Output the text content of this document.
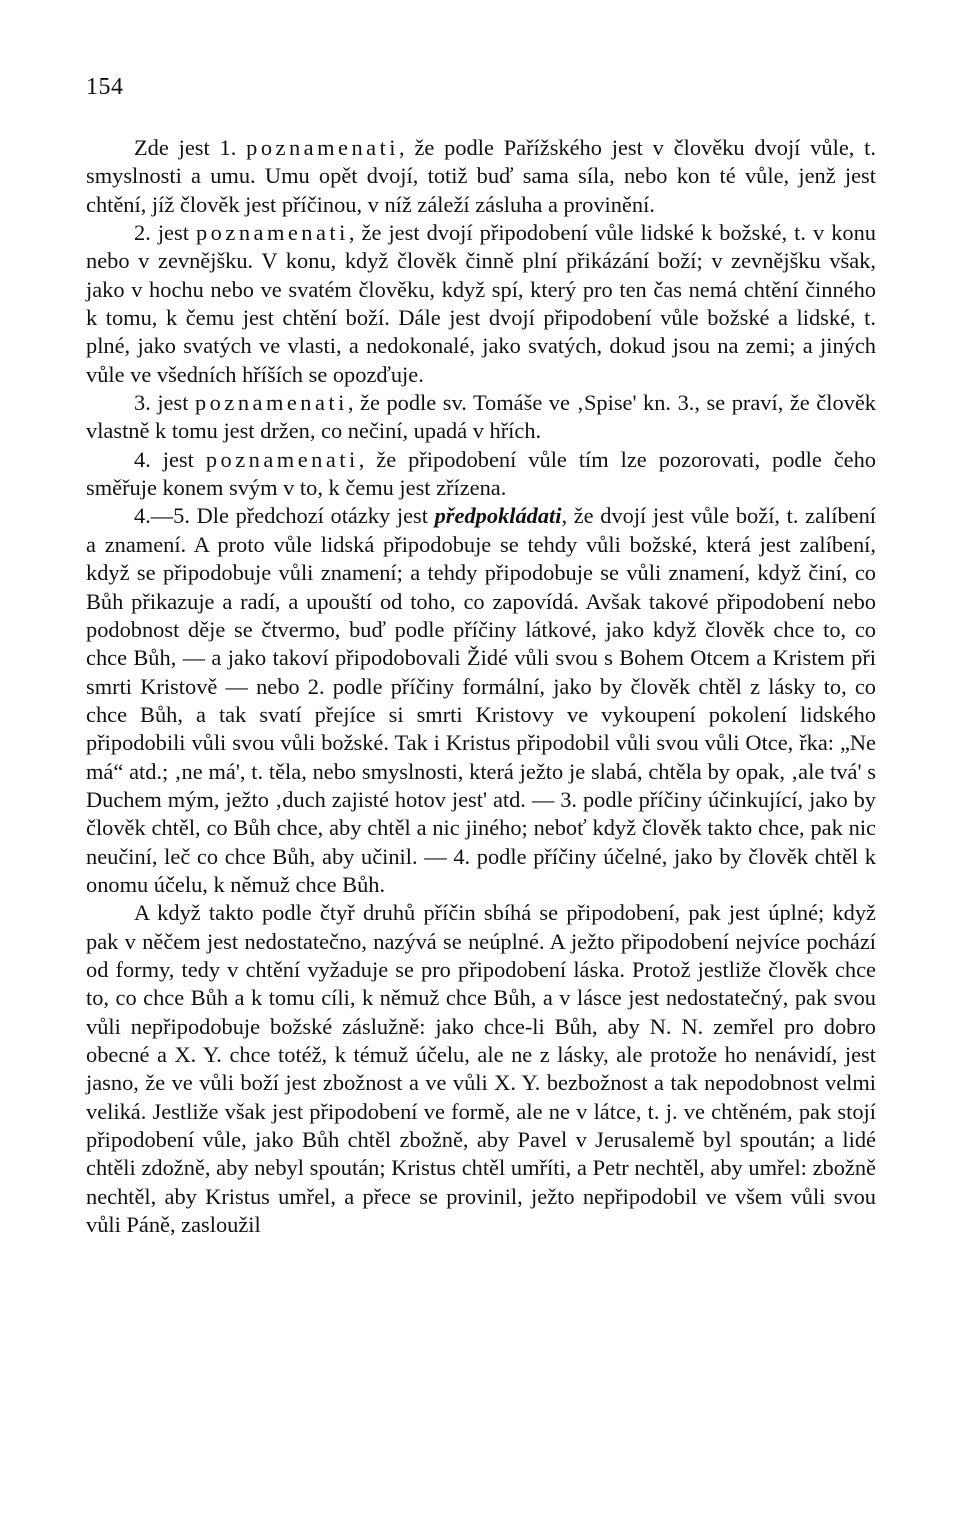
154

Zde jest 1. poznamenati, že podle Pařížského jest v člověku dvojí vůle, t. smyslnosti a umu. Umu opět dvojí, totiž buď sama síla, nebo kon té vůle, jenž jest chtění, jíž člověk jest příčinou, v níž záleží zásluha a provinění.

2. jest poznamenati, že jest dvojí připodobení vůle lidské k božské, t. v konu nebo v zevnějšku. V konu, když člověk činně plní přikázání boží; v zevnějšku však, jako v hochu nebo ve svatém člověku, když spí, který pro ten čas nemá chtění činného k tomu, k čemu jest chtění boží. Dále jest dvojí připodobení vůle božské a lidské, t. plné, jako svatých ve vlasti, a nedokonalé, jako svatých, dokud jsou na zemi; a jiných vůle ve všedních hříších se opozďuje.

3. jest poznamenati, že podle sv. Tomáše ve ‚Spise' kn. 3., se praví, že člověk vlastně k tomu jest držen, co nečiní, upadá v hřích.

4. jest poznamenati, že připodobení vůle tím lze pozorovati, podle čeho směřuje konem svým v to, k čemu jest zřízena.

4.—5. Dle předchozí otázky jest předpokládati, že dvojí jest vůle boží, t. zalíbení a znamení. A proto vůle lidská připodobuje se tehdy vůli božské, která jest zalíbení, když se připodobuje vůli znamení; a tehdy připodobuje se vůli znamení, když činí, co Bůh přikazuje a radí, a upouští od toho, co zapovídá. Avšak takové připodobení nebo podobnost děje se čtvermo, buď podle příčiny látkové, jako když člověk chce to, co chce Bůh, — a jako takoví připodobovali Židé vůli svou s Bohem Otcem a Kristem při smrti Kristově — nebo 2. podle příčiny formální, jako by člověk chtěl z lásky to, co chce Bůh, a tak svatí přejíce si smrti Kristovy ve vykoupení pokolení lidského připodobili vůli svou vůli božské. Tak i Kristus připodobil vůli svou vůli Otce, řka: „Ne má“ atd.; ‚ne má', t. těla, nebo smyslnosti, která ježto je slabá, chtěla by opak, ‚ale tvá' s Duchem mým, ježto ‚duch zajisté hotov jest' atd. — 3. podle příčiny účinkující, jako by člověk chtěl, co Bůh chce, aby chtěl a nic jiného; neboť když člověk takto chce, pak nic neučiní, leč co chce Bůh, aby učinil. — 4. podle příčiny účelné, jako by člověk chtěl k onomu účelu, k němuž chce Bůh.

A když takto podle čtyř druhů příčin sbíhá se připodobení, pak jest úplné; když pak v něčem jest nedostatečno, nazývá se neúplné. A ježto připodobení nejvíce pochází od formy, tedy v chtění vyžaduje se pro připodobení láska. Protož jestliže člověk chce to, co chce Bůh a k tomu cíli, k němuž chce Bůh, a v lásce jest nedostatečný, pak svou vůli nepřipodobuje božské záslužně: jako chce-li Bůh, aby N. N. zemřel pro dobro obecné a X. Y. chce totéž, k témuž účelu, ale ne z lásky, ale protože ho nenávidí, jest jasno, že ve vůli boží jest zbožnost a ve vůli X. Y. bezbožnost a tak nepodobnost velmi veliká. Jestliže však jest připodobení ve formě, ale ne v látce, t. j. ve chtěném, pak stojí připodobení vůle, jako Bůh chtěl zbožně, aby Pavel v Jerusalemě byl spoután; a lidé chtěli zdožně, aby nebyl spoután; Kristus chtěl umříti, a Petr nechtěl, aby umřel: zbožně nechtěl, aby Kristus umřel, a přece se provinil, ježto nepřipodobil ve všem vůli svou vůli Páně, zasloužil
